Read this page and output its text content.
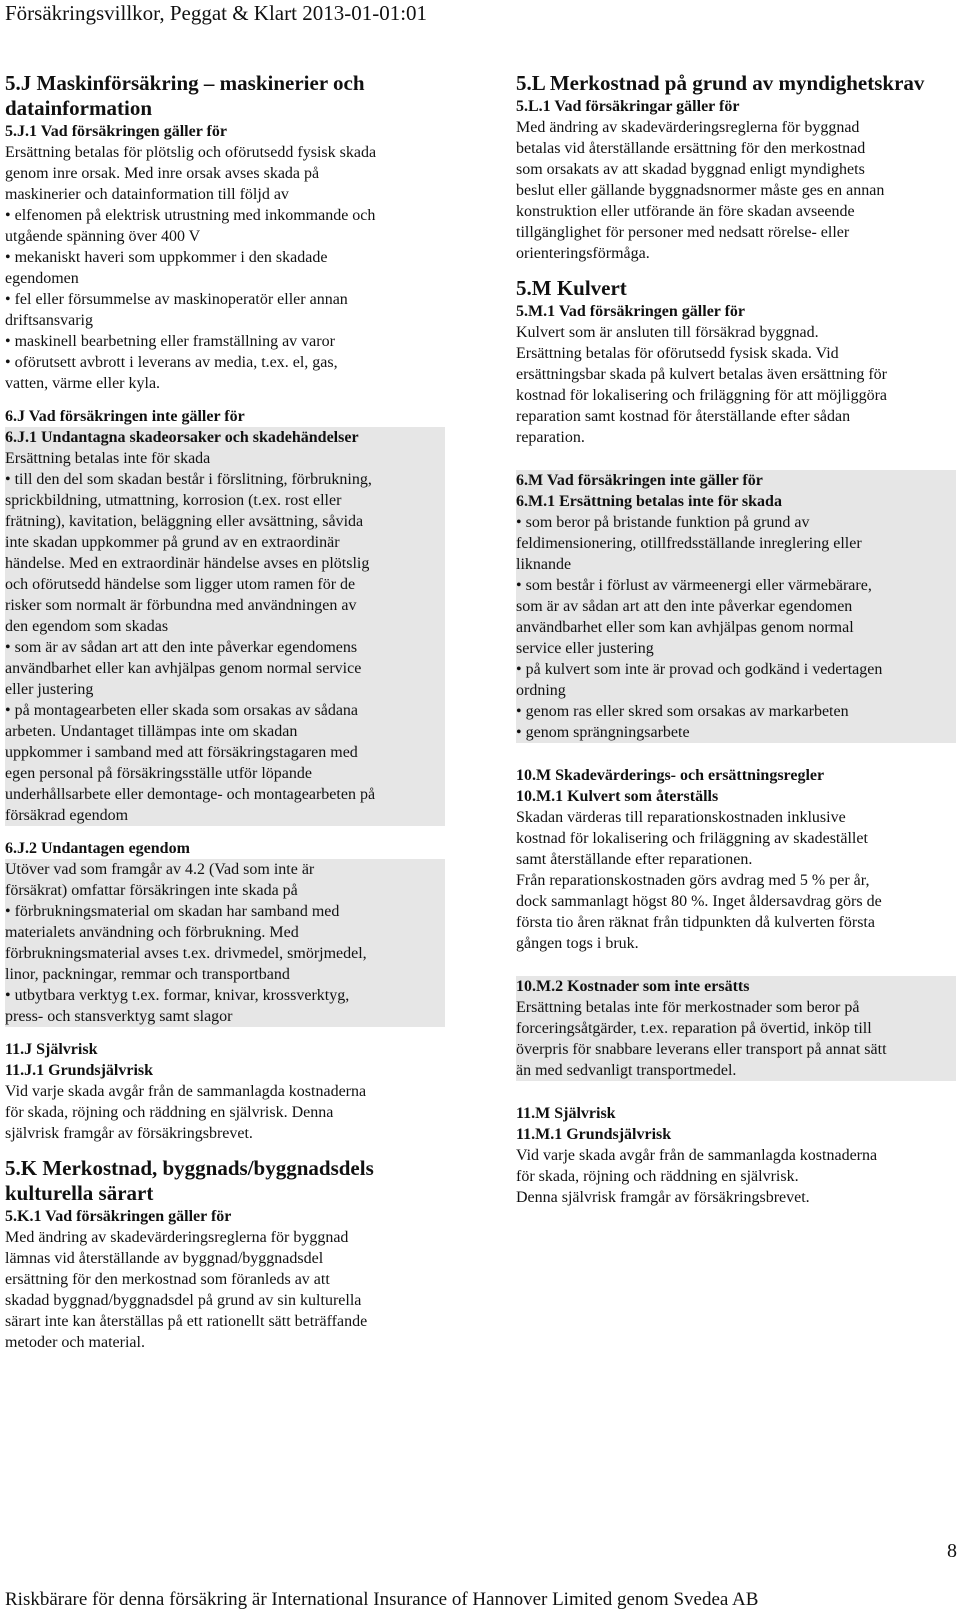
Försäkringsvillkor, Peggat & Klart 2013-01-01:01
5.J Maskinförsäkring – maskinerier och datainformation
5.J.1 Vad försäkringen gäller för
Ersättning betalas för plötslig och oförutsedd fysisk skada
genom inre orsak. Med inre orsak avses skada på
maskinerier och datainformation till följd av
• elfenomen på elektrisk utrustning med inkommande och
utgående spänning över 400 V
• mekaniskt haveri som uppkommer i den skadade
egendomen
• fel eller försummelse av maskinoperatör eller annan
driftsansvarig
• maskinell bearbetning eller framställning av varor
• oförutsett avbrott i leverans av media, t.ex. el, gas,
vatten, värme eller kyla.
6.J Vad försäkringen inte gäller för
6.J.1 Undantagna skadeorsaker och skadehändelser
Ersättning betalas inte för skada
• till den del som skadan består i förslitning, förbrukning,
sprickbildning, utmattning, korrosion (t.ex. rost eller
frätning), kavitation, beläggning eller avsättning, såvida
inte skadan uppkommer på grund av en extraordinär
händelse. Med en extraordinär händelse avses en plötslig
och oförutsedd händelse som ligger utom ramen för de
risker som normalt är förbundna med användningen av
den egendom som skadas
• som är av sådan art att den inte påverkar egendomens
användbarhet eller kan avhjälpas genom normal service
eller justering
• på montagearbeten eller skada som orsakas av sådana
arbeten. Undantaget tillämpas inte om skadan
uppkommer i samband med att försäkringstagaren med
egen personal på försäkringsställe utför löpande
underhållsarbete eller demontage- och montagearbeten på
försäkrad egendom
6.J.2 Undantagen egendom
Utöver vad som framgår av 4.2 (Vad som inte är
försäkrat) omfattar försäkringen inte skada på
• förbrukningsmaterial om skadan har samband med
materialets användning och förbrukning. Med
förbrukningsmaterial avses t.ex. drivmedel, smörjmedel,
linor, packningar, remmar och transportband
• utbytbara verktyg t.ex. formar, knivar, krossverktyg,
press- och stansverktyg samt slagor
11.J Självrisk
11.J.1 Grundsjälvrisk
Vid varje skada avgår från de sammanlagda kostnaderna
för skada, röjning och räddning en självrisk. Denna
självrisk framgår av försäkringsbrevet.
5.K Merkostnad, byggnads/byggnadsdels kulturella särart
5.K.1 Vad försäkringen gäller för
Med ändring av skadevärderingsreglerna för byggnad
lämnas vid återställande av byggnad/byggnadsdel
ersättning för den merkostnad som föranleds av att
skadad byggnad/byggnadsdel på grund av sin kulturella
särart inte kan återställas på ett rationellt sätt beträffande
metoder och material.
5.L Merkostnad på grund av myndighetskrav
5.L.1 Vad försäkringar gäller för
Med ändring av skadevärderingsreglerna för byggnad
betalas vid återställande ersättning för den merkostnad
som orsakats av att skadad byggnad enligt myndighets
beslut eller gällande byggnadsnormer måste ges en annan
konstruktion eller utförande än före skadan avseende
tillgänglighet för personer med nedsatt rörelse- eller
orienteringsförmåga.
5.M Kulvert
5.M.1 Vad försäkringen gäller för
Kulvert som är ansluten till försäkrad byggnad.
Ersättning betalas för oförutsedd fysisk skada. Vid
ersättningsbar skada på kulvert betalas även ersättning för
kostnad för lokalisering och friläggning för att möjliggöra
reparation samt kostnad för återställande efter sådan
reparation.
6.M Vad försäkringen inte gäller för
6.M.1 Ersättning betalas inte för skada
• som beror på bristande funktion på grund av
feldimensionering, otillfredsställande inreglering eller
liknande
• som består i förlust av värmeenergi eller värmebärare,
som är av sådan art att den inte påverkar egendomen
användbarhet eller som kan avhjälpas genom normal
service eller justering
• på kulvert som inte är provad och godkänd i vedertagen
ordning
• genom ras eller skred som orsakas av markarbeten
• genom sprängningsarbete
10.M Skadevärderings- och ersättningsregler
10.M.1 Kulvert som återställs
Skadan värderas till reparationskostnaden inklusive
kostnad för lokalisering och friläggning av skadestället
samt återställande efter reparationen.
Från reparationskostnaden görs avdrag med 5 % per år,
dock sammanlagt högst 80 %. Inget åldersavdrag görs de
första tio åren räknat från tidpunkten då kulverten första
gången togs i bruk.
10.M.2 Kostnader som inte ersätts
Ersättning betalas inte för merkostnader som beror på
forceringsåtgärder, t.ex. reparation på övertid, inköp till
överpris för snabbare leverans eller transport på annat sätt
än med sedvanligt transportmedel.
11.M Självrisk
11.M.1 Grundsjälvrisk
Vid varje skada avgår från de sammanlagda kostnaderna
för skada, röjning och räddning en självrisk.
Denna självrisk framgår av försäkringsbrevet.
8
Riskbärare för denna försäkring är International Insurance of Hannover Limited genom Svedea AB
